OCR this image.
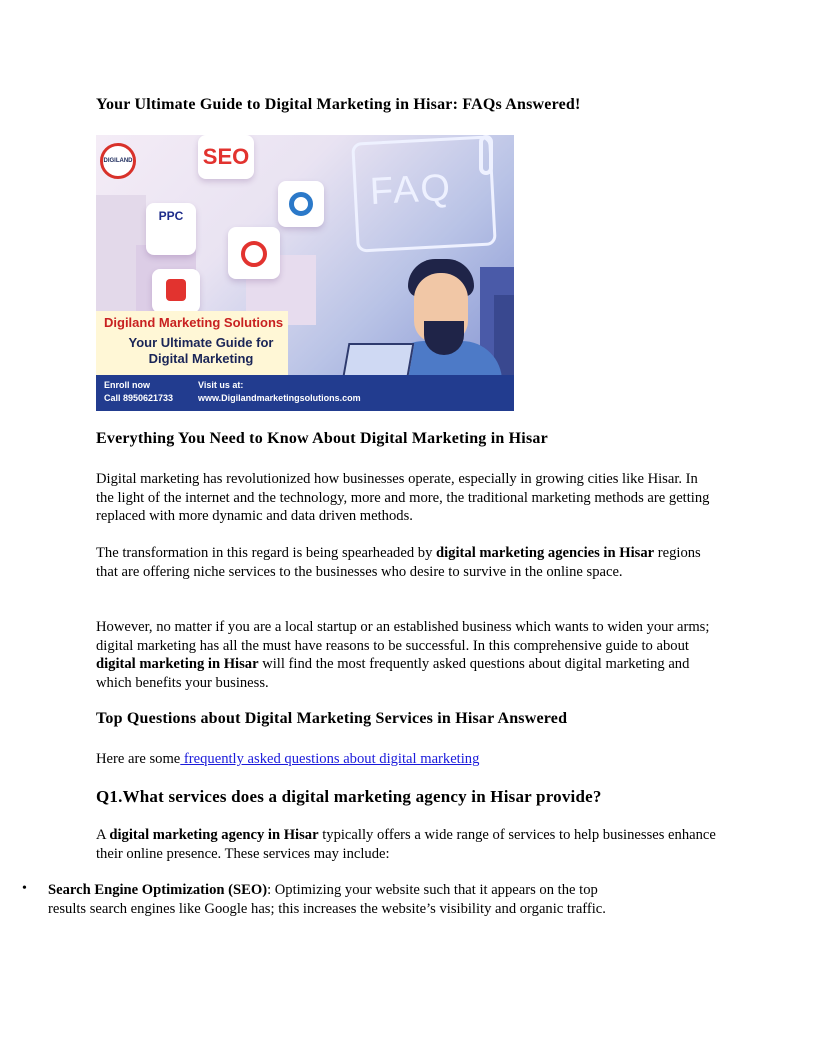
Your Ultimate Guide to Digital Marketing in Hisar: FAQs Answered!
FAQ
SEO
PPC
DIGILAND
Digiland Marketing Solutions
Your Ultimate Guide for Digital Marketing
Enroll now
Call 8950621733
Visit us at:
www.Digilandmarketingsolutions.com
Everything You Need to Know About Digital Marketing in Hisar

Digital marketing has revolutionized how businesses operate, especially in growing cities like Hisar. In the light of the internet and the technology, more and more, the traditional marketing methods are getting replaced with more dynamic and data driven methods.

The transformation in this regard is being spearheaded by digital marketing agencies in Hisar regions that are offering niche services to the businesses who desire to survive in the online space.

However, no matter if you are a local startup or an established business which wants to widen your arms; digital marketing has all the must have reasons to be successful. In this comprehensive guide to about digital marketing in Hisar will find the most frequently asked questions about digital marketing and which benefits your business.

Top Questions about Digital Marketing Services in Hisar Answered

Here are some frequently asked questions about digital marketing

Q1.What services does a digital marketing agency in Hisar provide?

A digital marketing agency in Hisar typically offers a wide range of services to help businesses enhance their online presence. These services may include:

• Search Engine Optimization (SEO): Optimizing your website such that it appears on the top results search engines like Google has; this increases the website’s visibility and organic traffic.
